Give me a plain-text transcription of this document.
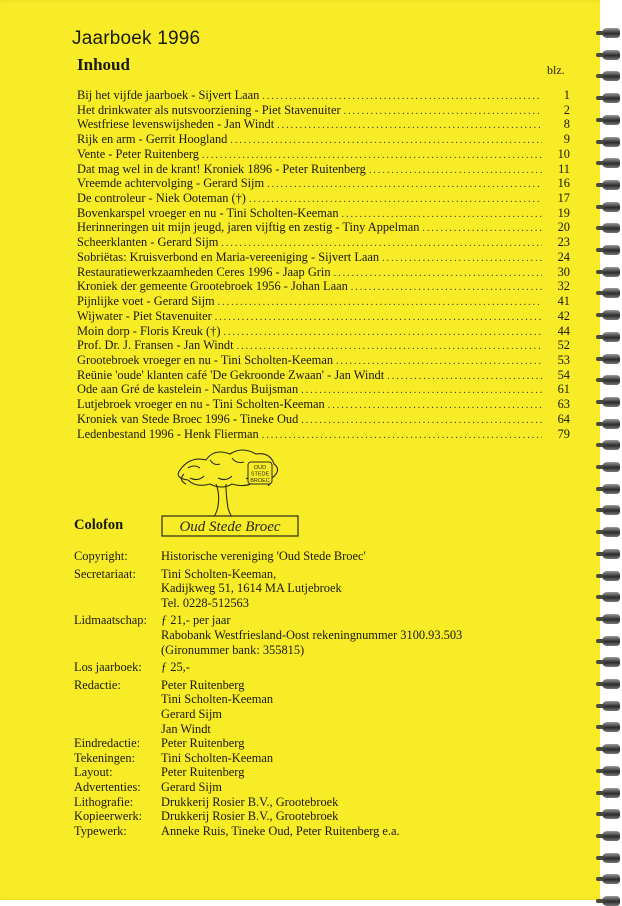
Jaarboek 1996
Inhoud	blz.
Bij het vijfde jaarboek - Sijvert Laan .....	1
Het drinkwater als nutsvoorziening - Piet Stavenuiter .....	2
Westfriese levenswijsheden - Jan Windt .....	8
Rijk en arm - Gerrit Hoogland .....	9
Vente - Peter Ruitenberg .....	10
Dat mag wel in de krant! Kroniek 1896 - Peter Ruitenberg .....	11
Vreemde achtervolging - Gerard Sijm .....	16
De controleur - Niek Ooteman (†) .....	17
Bovenkarspel vroeger en nu - Tini Scholten-Keeman .....	19
Herinneringen uit mijn jeugd, jaren vijftig en zestig - Tiny Appelman .....	20
Scheerklanten - Gerard Sijm .....	23
Sobriëtas: Kruisverbond en Maria-vereeniging - Sijvert Laan .....	24
Restauratiewerkzaamheden Ceres 1996 - Jaap Grin .....	30
Kroniek der gemeente Grootebroek 1956 - Johan Laan .....	32
Pijnlijke voet - Gerard Sijm .....	41
Wijwater - Piet Stavenuiter .....	42
Moin dorp - Floris Kreuk (†) .....	44
Prof. Dr. J. Fransen - Jan Windt .....	52
Grootebroek vroeger en nu - Tini Scholten-Keeman .....	53
Reünie 'oude' klanten café 'De Gekroonde Zwaan' - Jan Windt .....	54
Ode aan Gré de kastelein - Nardus Buijsman .....	61
Lutjebroek vroeger en nu - Tini Scholten-Keeman .....	63
Kroniek van Stede Broec 1996 - Tineke Oud .....	64
Ledenbestand 1996 - Henk Flierman .....	79
OUD
STEDE
BROEC
Oud Stede Broec
Colofon
Copyright:	Historische vereniging 'Oud Stede Broec'
Secretariaat:	Tini Scholten-Keeman,
Kadijkweg 51, 1614 MA Lutjebroek
Tel. 0228-512563
Lidmaatschap:	ƒ 21,- per jaar
Rabobank Westfriesland-Oost rekeningnummer 3100.93.503
(Gironummer bank: 355815)
Los jaarboek:	ƒ 25,-
Redactie:	Peter Ruitenberg
Tini Scholten-Keeman
Gerard Sijm
Jan Windt
Eindredactie:	Peter Ruitenberg
Tekeningen:	Tini Scholten-Keeman
Layout:	Peter Ruitenberg
Advertenties:	Gerard Sijm
Lithografie:	Drukkerij Rosier B.V., Grootebroek
Kopieerwerk:	Drukkerij Rosier B.V., Grootebroek
Typewerk:	Anneke Ruis, Tineke Oud, Peter Ruitenberg e.a.
